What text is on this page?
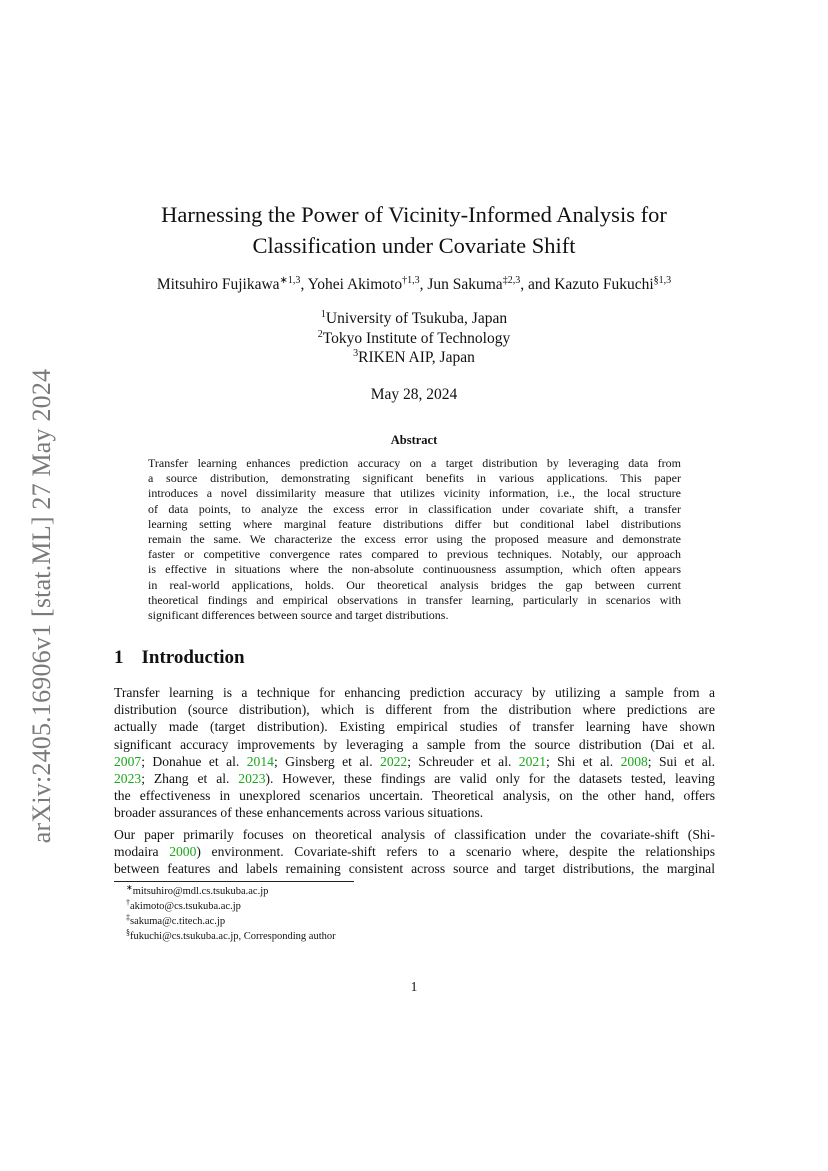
arXiv:2405.16906v1 [stat.ML] 27 May 2024
Harnessing the Power of Vicinity-Informed Analysis for
Classification under Covariate Shift
Mitsuhiro Fujikawa$^{∗1,3}$, Yohei Akimoto$^{\dagger 1,3}$, Jun Sakuma$^{\ddagger 2,3}$, and Kazuto Fukuchi$^{\S 1,3}$
$^1$University of Tsukuba, Japan
$^2$Tokyo Institute of Technology
$^3$RIKEN AIP, Japan
May 28, 2024
Abstract
Transfer learning enhances prediction accuracy on a target distribution by leveraging data from
a source distribution, demonstrating significant benefits in various applications. This paper
introduces a novel dissimilarity measure that utilizes vicinity information, i.e., the local structure
of data points, to analyze the excess error in classification under covariate shift, a transfer
learning setting where marginal feature distributions differ but conditional label distributions
remain the same. We characterize the excess error using the proposed measure and demonstrate
faster or competitive convergence rates compared to previous techniques. Notably, our approach
is effective in situations where the non-absolute continuousness assumption, which often appears
in real-world applications, holds. Our theoretical analysis bridges the gap between current
theoretical findings and empirical observations in transfer learning, particularly in scenarios with
significant differences between source and target distributions.
1 Introduction
Transfer learning is a technique for enhancing prediction accuracy by utilizing a sample from a
distribution (source distribution), which is different from the distribution where predictions are
actually made (target distribution). Existing empirical studies of transfer learning have shown
significant accuracy improvements by leveraging a sample from the source distribution (Dai et al.
2007; Donahue et al. 2014; Ginsberg et al. 2022; Schreuder et al. 2021; Shi et al. 2008; Sui et al.
2023; Zhang et al. 2023). However, these findings are valid only for the datasets tested, leaving
the effectiveness in unexplored scenarios uncertain. Theoretical analysis, on the other hand, offers
broader assurances of these enhancements across various situations.
Our paper primarily focuses on theoretical analysis of classification under the covariate-shift (Shi-
modaira 2000) environment. Covariate-shift refers to a scenario where, despite the relationships
between features and labels remaining consistent across source and target distributions, the marginal
∗mitsuhiro@mdl.cs.tsukuba.ac.jp
†akimoto@cs.tsukuba.ac.jp
‡sakuma@c.titech.ac.jp
§fukuchi@cs.tsukuba.ac.jp, Corresponding author
1
